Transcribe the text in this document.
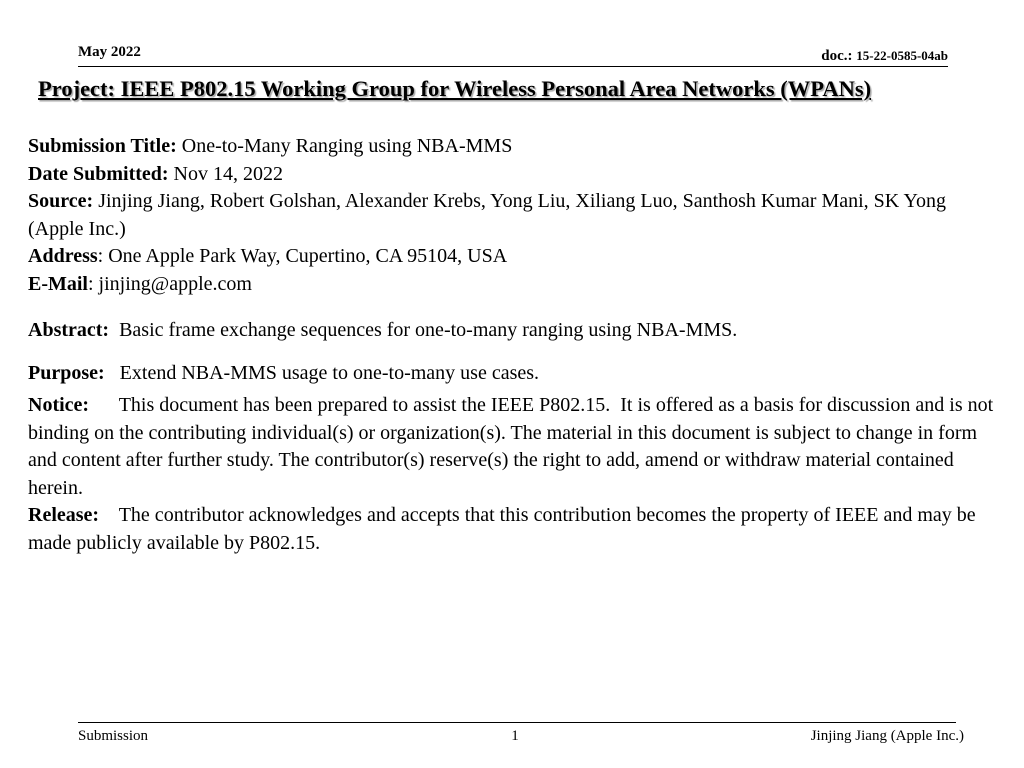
May 2022	doc.: 15-22-0585-04ab
Project: IEEE P802.15 Working Group for Wireless Personal Area Networks (WPANs)

Submission Title: One-to-Many Ranging using NBA-MMS

Date Submitted: Nov 14, 2022

Source: Jinjing Jiang, Robert Golshan, Alexander Krebs, Yong Liu, Xiliang Luo, Santhosh Kumar Mani, SK Yong (Apple Inc.)

Address: One Apple Park Way, Cupertino, CA 95104, USA

E-Mail: jinjing@apple.com

Abstract:  Basic frame exchange sequences for one-to-many ranging using NBA-MMS.

Purpose:   Extend NBA-MMS usage to one-to-many use cases.

Notice:      This document has been prepared to assist the IEEE P802.15.  It is offered as a basis for discussion and is not binding on the contributing individual(s) or organization(s). The material in this document is subject to change in form and content after further study. The contributor(s) reserve(s) the right to add, amend or withdraw material contained herein.

Release:    The contributor acknowledges and accepts that this contribution becomes the property of IEEE and may be made publicly available by P802.15.

Submission	1	Jinjing Jiang (Apple Inc.)
